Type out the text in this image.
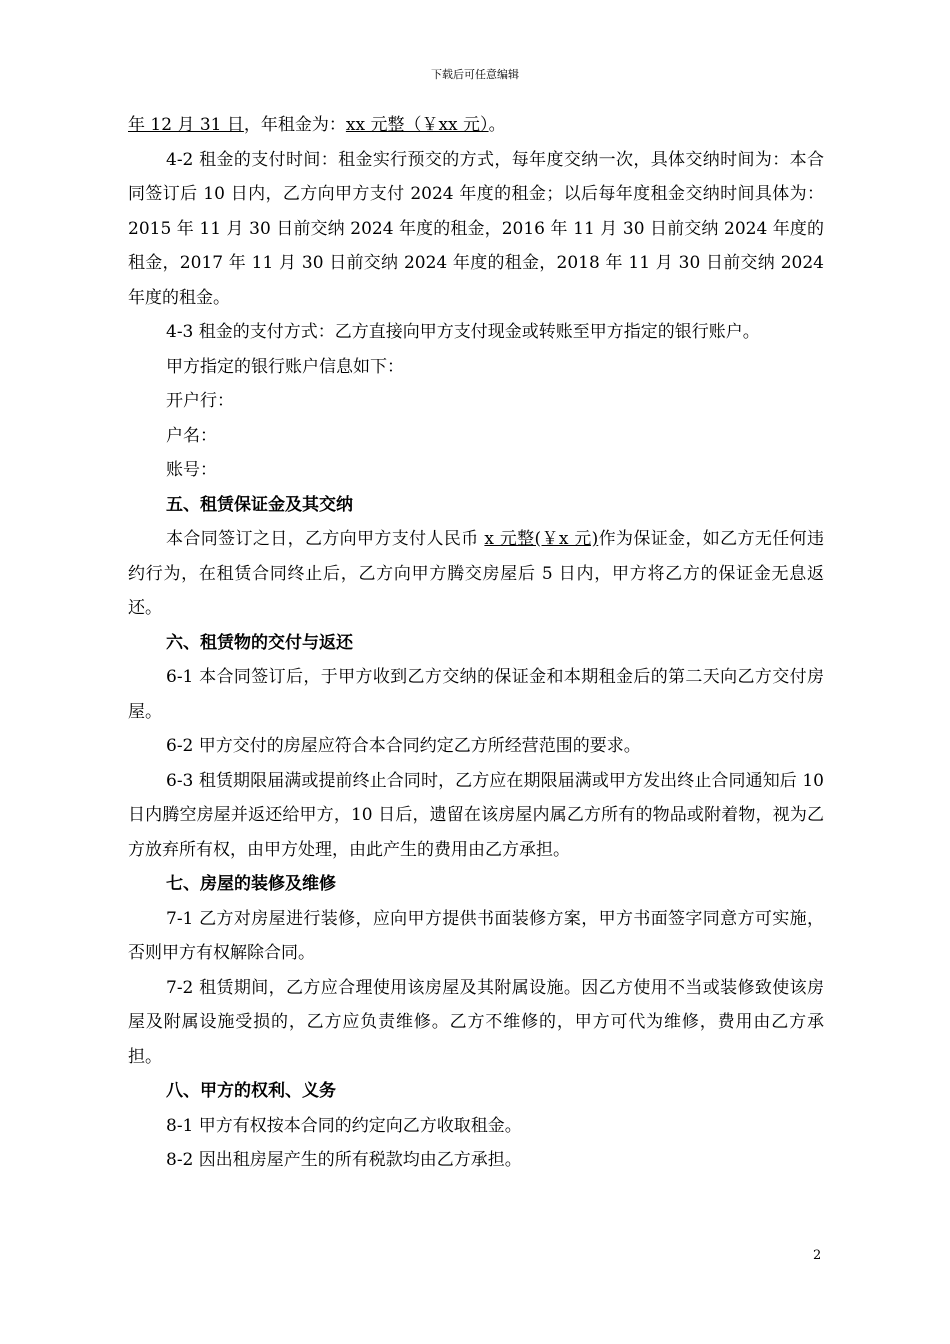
下载后可任意编辑

年 12 月 31 日，年租金为：xx 元整（￥xx 元）。

4-2 租金的支付时间：租金实行预交的方式，每年度交纳一次，具体交纳时间为：本合同签订后 10 日内，乙方向甲方支付 2024 年度的租金；以后每年度租金交纳时间具体为： 2015 年 11 月 30 日前交纳 2024 年度的租金，2016 年 11 月 30 日前交纳 2024 年度的租金，2017 年 11 月 30 日前交纳 2024 年度的租金，2018 年 11 月 30 日前交纳 2024 年度的租金。

4-3 租金的支付方式：乙方直接向甲方支付现金或转账至甲方指定的银行账户。

甲方指定的银行账户信息如下：

开户行：

户名：

账号：

五、租赁保证金及其交纳

本合同签订之日，乙方向甲方支付人民币 x 元整(￥x 元)作为保证金，如乙方无任何违约行为，在租赁合同终止后，乙方向甲方腾交房屋后 5 日内，甲方将乙方的保证金无息返还。

六、租赁物的交付与返还

6-1 本合同签订后，于甲方收到乙方交纳的保证金和本期租金后的第二天向乙方交付房屋。

6-2 甲方交付的房屋应符合本合同约定乙方所经营范围的要求。

6-3 租赁期限届满或提前终止合同时，乙方应在期限届满或甲方发出终止合同通知后 10 日内腾空房屋并返还给甲方，10 日后，遗留在该房屋内属乙方所有的物品或附着物，视为乙方放弃所有权，由甲方处理，由此产生的费用由乙方承担。

七、房屋的装修及维修

7-1 乙方对房屋进行装修，应向甲方提供书面装修方案，甲方书面签字同意方可实施，否则甲方有权解除合同。

7-2 租赁期间，乙方应合理使用该房屋及其附属设施。因乙方使用不当或装修致使该房屋及附属设施受损的，乙方应负责维修。乙方不维修的，甲方可代为维修，费用由乙方承担。

八、甲方的权利、义务

8-1 甲方有权按本合同的约定向乙方收取租金。

8-2 因出租房屋产生的所有税款均由乙方承担。

2
